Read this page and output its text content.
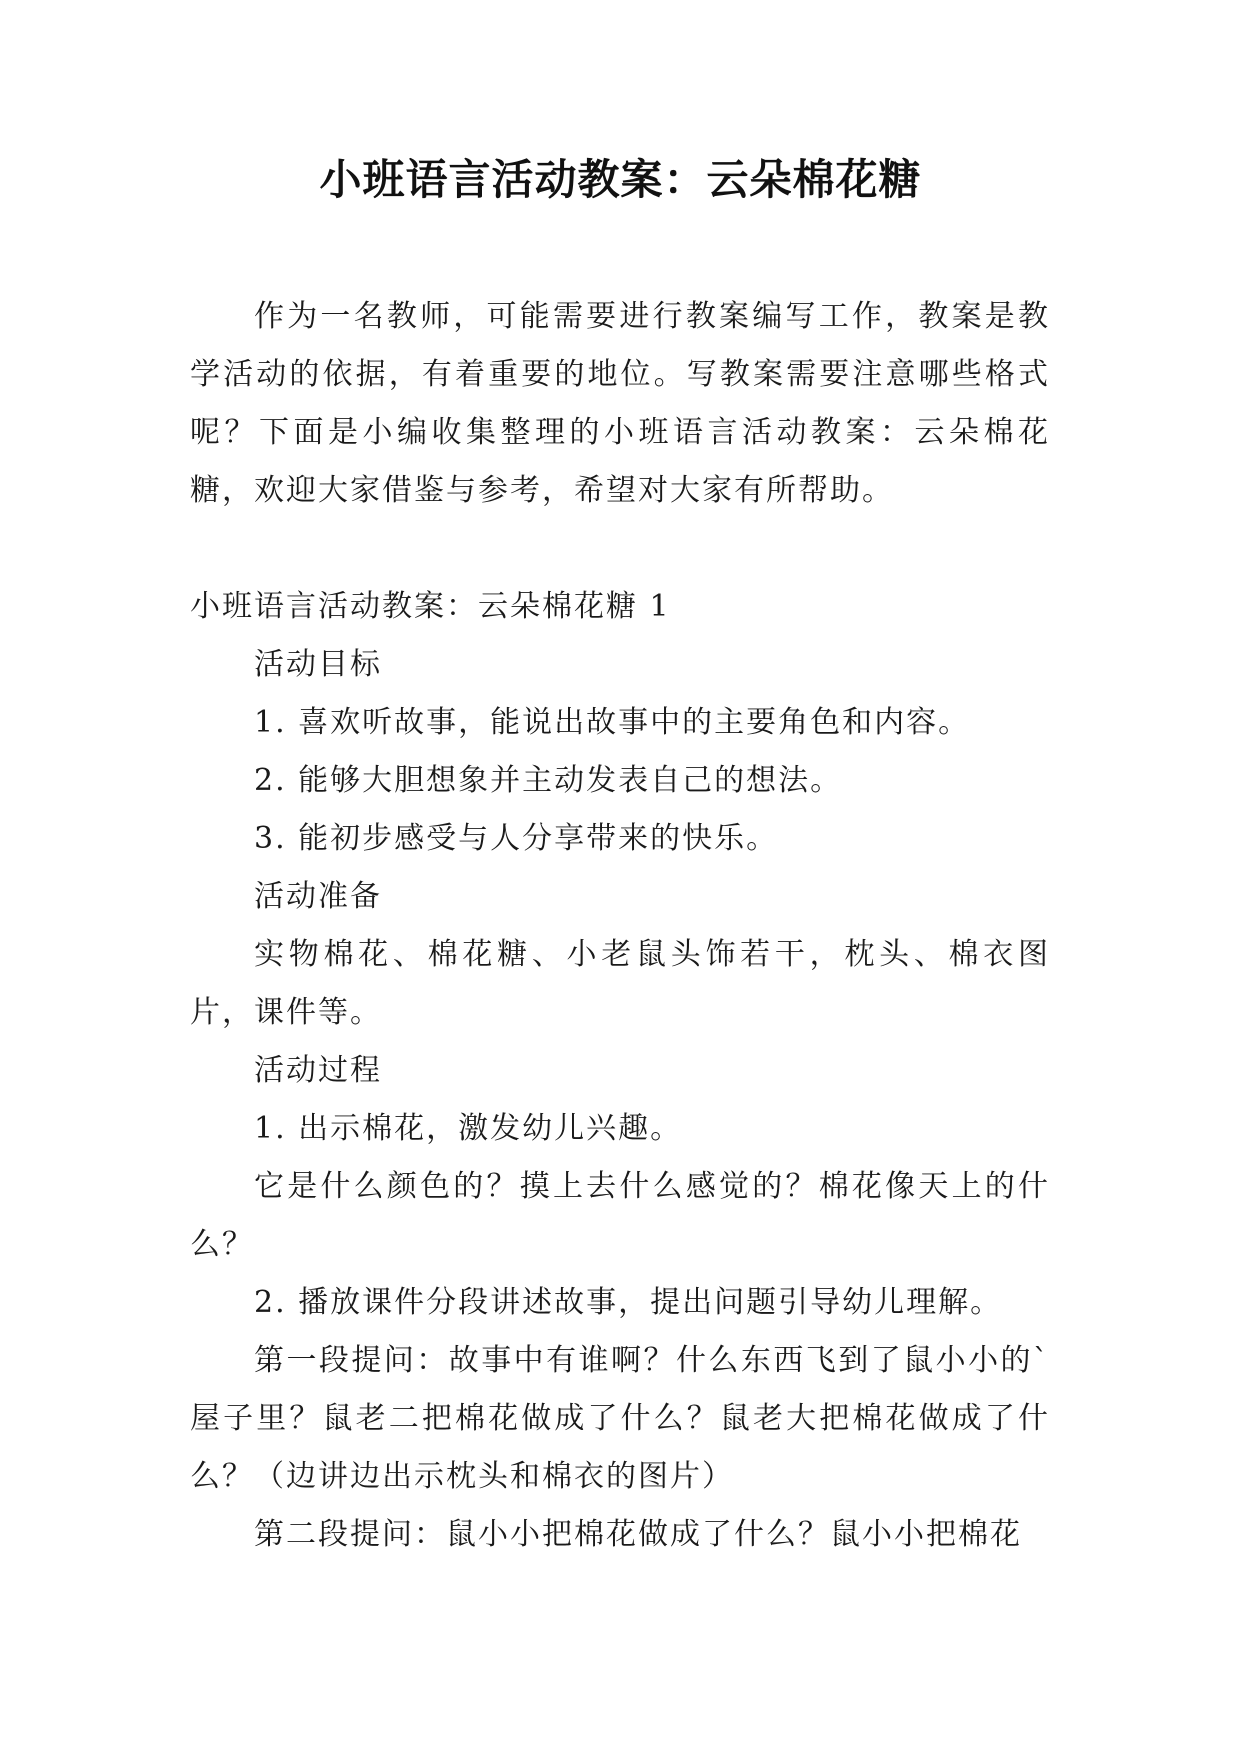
小班语言活动教案：云朵棉花糖
作为一名教师，可能需要进行教案编写工作，教案是教学活动的依据，有着重要的地位。写教案需要注意哪些格式呢？下面是小编收集整理的小班语言活动教案：云朵棉花糖，欢迎大家借鉴与参考，希望对大家有所帮助。

小班语言活动教案：云朵棉花糖 1

活动目标

1. 喜欢听故事，能说出故事中的主要角色和内容。

2. 能够大胆想象并主动发表自己的想法。

3. 能初步感受与人分享带来的快乐。

活动准备

实物棉花、棉花糖、小老鼠头饰若干，枕头、棉衣图片，课件等。

活动过程

1. 出示棉花，激发幼儿兴趣。

它是什么颜色的？摸上去什么感觉的？棉花像天上的什么？

2. 播放课件分段讲述故事，提出问题引导幼儿理解。

第一段提问：故事中有谁啊？什么东西飞到了鼠小小的`屋子里？鼠老二把棉花做成了什么？鼠老大把棉花做成了什么？（边讲边出示枕头和棉衣的图片）

第二段提问：鼠小小把棉花做成了什么？鼠小小把棉花
